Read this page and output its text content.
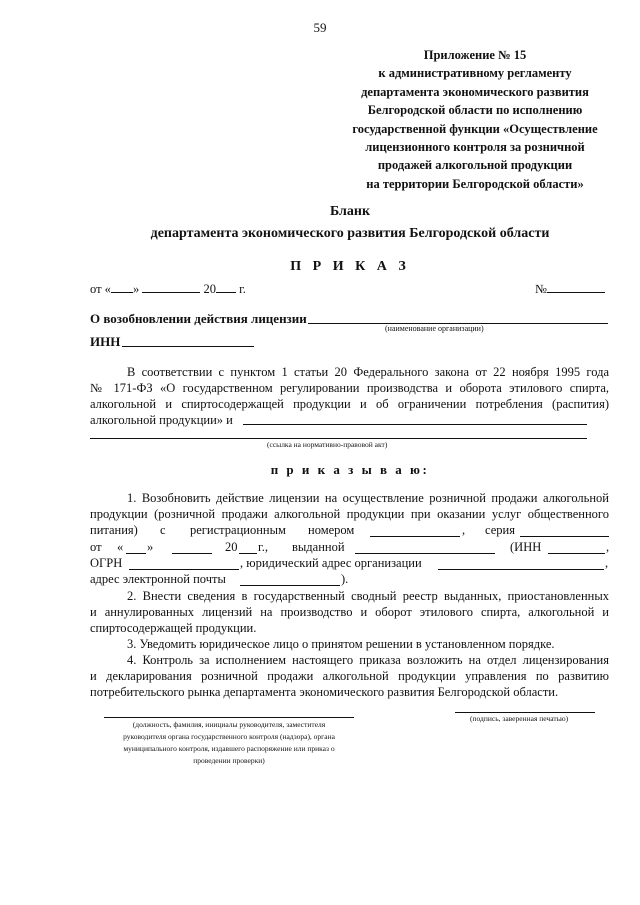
59
Приложение № 15
к административному регламенту
департамента экономического развития
Белгородской области по исполнению
государственной функции «Осуществление
лицензионного контроля за розничной
продажей алкогольной продукции
на территории Белгородской области»
Бланк
департамента экономического развития Белгородской области
П Р И К А З
от « »	20 г.	№
О возобновлении действия лицензии
(наименование организации)
ИНН
В соответствии с пунктом 1 статьи 20 Федерального закона от 22 ноября 1995 года
№ 171-ФЗ «О государственном регулировании производства и оборота этилового спирта,
алкогольной и спиртосодержащей продукции и об ограничении потребления (распития)
алкогольной продукции» и
(ссылка на нормативно-правовой акт)
п р и к а з ы в а ю:
1. Возобновить действие лицензии на осуществление розничной продажи алкогольной
продукции (розничной продажи алкогольной продукции при оказании услуг общественного
питания) с регистрационным номером	, серия
от « »	20 г., выданной	(ИНН	,
ОГРН	, юридический адрес организации	,
адрес электронной почты	).
2. Внести сведения в государственный сводный реестр выданных, приостановленных
и аннулированных лицензий на производство и оборот этилового спирта, алкогольной и
спиртосодержащей продукции.
3. Уведомить юридическое лицо о принятом решении в установленном порядке.
4. Контроль за исполнением настоящего приказа возложить на отдел лицензирования
и декларирования розничной продажи алкогольной продукции управления по развитию
потребительского рынка департамента экономического развития Белгородской области.
(должность, фамилия, инициалы руководителя, заместителя
руководителя органа государственного контроля (надзора), органа
муниципального контроля, издавшего распоряжение или приказ о
проведении проверки)
(подпись, заверенная печатью)
